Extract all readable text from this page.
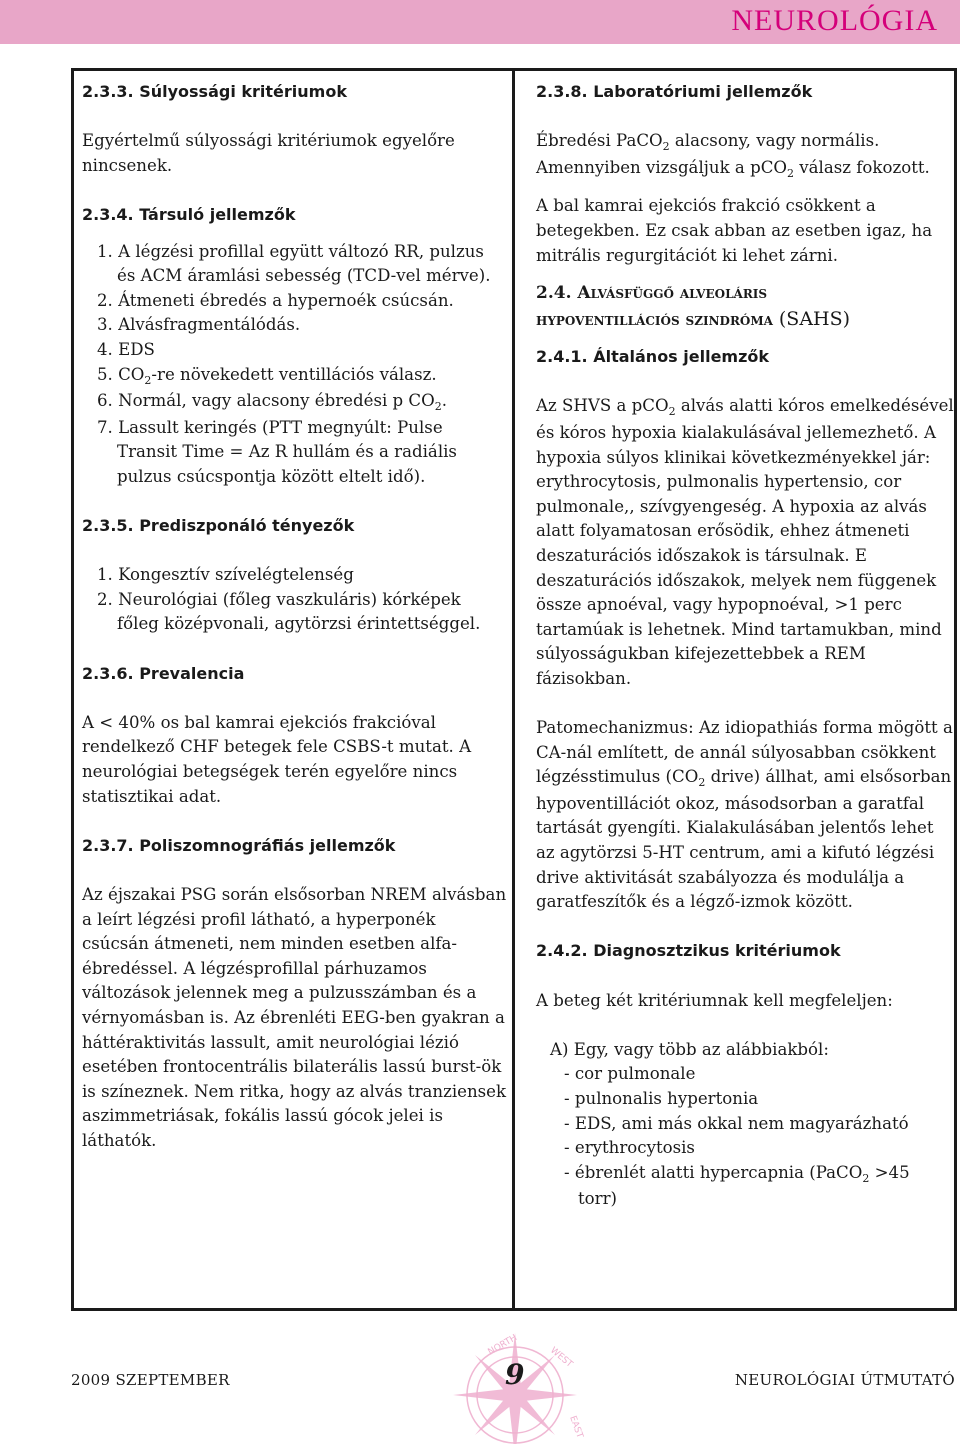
NEUROLÓGIA

2.3.3. Súlyossági kritériumok

Egyértelmű súlyossági kritériumok egyelőre nincsenek.

2.3.4. Társuló jellemzők

1. A légzési profillal együtt változó RR, pulzus és ACM áramlási sebesség (TCD-vel mérve).

2. Átmeneti ébredés a hypernoék csúcsán.

3. Alvásfragmentálódás.

4. EDS

5. $CO_2-re$ növekedett ventillációs válasz.

6. Normál, vagy alacsony ébredési p $CO_2$.

7. Lassult keringés (PTT megnyúlt: Pulse Transit Time = Az R hullám és a radiális pulzus csúcspontja között eltelt idő).

2.3.5. Prediszponáló tényezők

1. Kongesztív szívelégtelenség

2. Neurológiai (főleg vaszkuláris) kórképek főleg középvonali, agytörzsi érintettséggel.

2.3.6. Prevalencia

A < 40% os bal kamrai ejekciós frakcióval rendelkező CHF betegek fele CSBS-t mutat. A neurológiai betegségek terén egyelőre nincs statisztikai adat.

2.3.7. Poliszomnográfiás jellemzők

Az éjszakai PSG során elsősorban NREM alvásban a leírt légzési profil látható, a hyperponék csúcsán átmeneti, nem minden esetben alfa-ébredéssel. A légzésprofillal párhuzamos változások jelennek meg a pulzusszámban és a vérnyomásban is. Az ébrenléti EEG-ben gyakran a háttéraktivitás lassult, amit neurológiai lézió esetében frontocentrális bilaterális lassú burst-ök is színeznek. Nem ritka, hogy az alvás tranziensek aszimmetriásak, fokális lassú gócok jelei is láthatók.

2.3.8. Laboratóriumi jellemzők

Ébredési PaCO$_2$ alacsony, vagy normális. Amennyiben vizsgáljuk a pCO$_2$ válasz fokozott.

A bal kamrai ejekciós frakció csökkent a betegekben. Ez csak abban az esetben igaz, ha mitrális regurgitációt ki lehet zárni.

2.4. Alvásfüggő alveoláris
hypoventillációs szindróma (SAHS)

2.4.1. Általános jellemzők

Az SHVS a pCO$_2$ alvás alatti kóros emelkedésével és kóros hypoxia kialakulásával jellemezhető. A hypoxia súlyos klinikai következményekkel jár: erythrocytosis, pulmonalis hypertensio, cor pulmonale,, szívgyengeség. A hypoxia az alvás alatt folyamatosan erősödik, ehhez átmeneti deszaturációs időszakok is társulnak. E deszaturációs időszakok, melyek nem függenek össze apnoéval, vagy hypopnoéval, >1 perc tartamúak is lehetnek. Mind tartamukban, mind súlyosságukban kifejezettebbek a REM fázisokban.

Patomechanizmus: Az idiopathiás forma mögött a CA-nál említett, de annál súlyosabban csökkent légzésstimulus ($CO_2$ drive) állhat, ami elsősorban hypoventillációt okoz, másodsorban a garatfal tartását gyengíti. Kialakulásában jelentős lehet az agytörzsi 5-HT centrum, ami a kifutó légzési drive aktivitását szabályozza és modulálja a garatfeszítők és a légző-izmok között.

2.4.2. Diagnosztzikus kritériumok

A beteg két kritériumnak kell megfeleljen:

A) Egy, vagy több az alábbiakból:

- cor pulmonale

- pulnonalis hypertonia

- EDS, ami más okkal nem magyarázható

- erythrocytosis

- ébrenlét alatti hypercapnia (PaCO$_2$ >45

torr)

NORTH
WEST
EAST
9
2009 SZEPTEMBER	NEUROLÓGIAI ÚTMUTATÓ
